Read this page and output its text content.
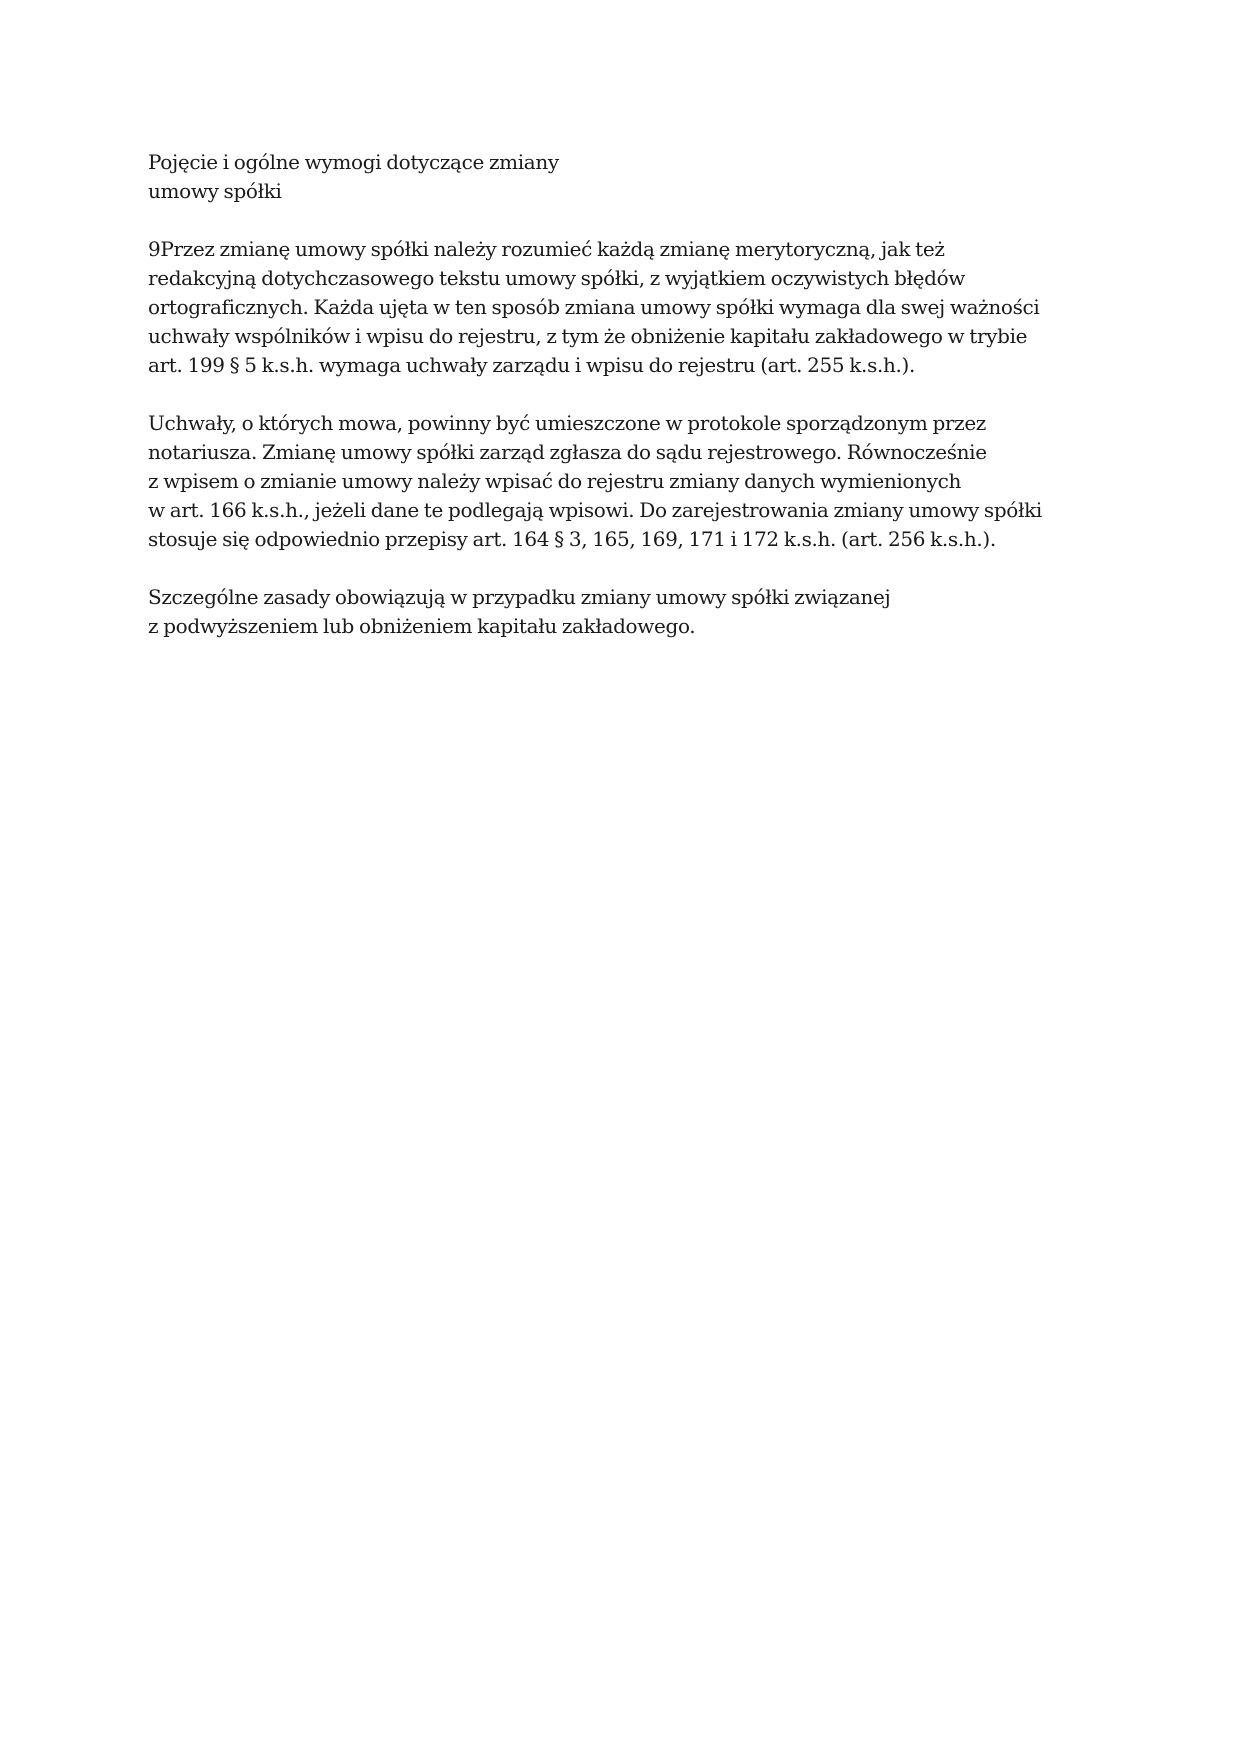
Pojęcie i ogólne wymogi dotyczące zmiany
umowy spółki
9Przez zmianę umowy spółki należy rozumieć każdą zmianę merytoryczną, jak też
redakcyjną dotychczasowego tekstu umowy spółki, z wyjątkiem oczywistych błędów
ortograficznych. Każda ujęta w ten sposób zmiana umowy spółki wymaga dla swej ważności
uchwały wspólników i wpisu do rejestru, z tym że obniżenie kapitału zakładowego w trybie
art. 199 § 5 k.s.h. wymaga uchwały zarządu i wpisu do rejestru (art. 255 k.s.h.).
Uchwały, o których mowa, powinny być umieszczone w protokole sporządzonym przez
notariusza. Zmianę umowy spółki zarząd zgłasza do sądu rejestrowego. Równocześnie
z wpisem o zmianie umowy należy wpisać do rejestru zmiany danych wymienionych
w art. 166 k.s.h., jeżeli dane te podlegają wpisowi. Do zarejestrowania zmiany umowy spółki
stosuje się odpowiednio przepisy art. 164 § 3, 165, 169, 171 i 172 k.s.h. (art. 256 k.s.h.).
Szczególne zasady obowiązują w przypadku zmiany umowy spółki związanej
z podwyższeniem lub obniżeniem kapitału zakładowego.
